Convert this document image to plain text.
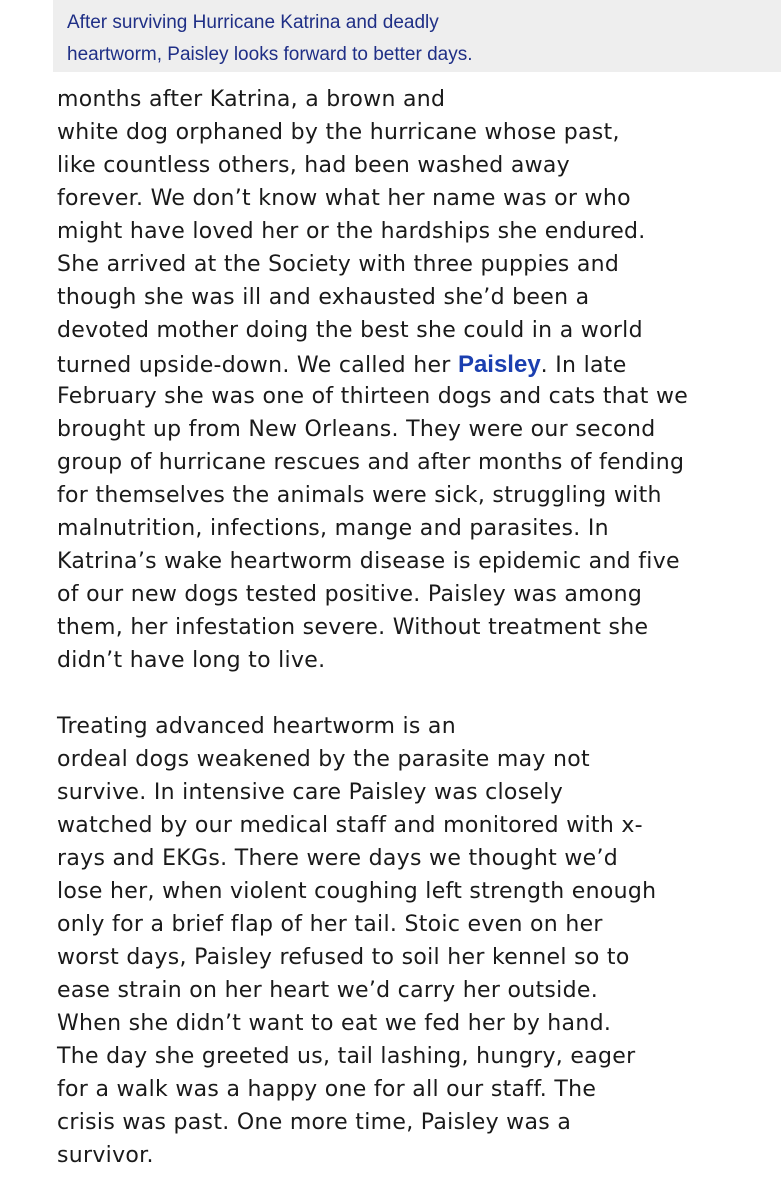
After surviving Hurricane Katrina and deadly

heartworm, Paisley looks forward to better days.

months after Katrina, a brown and

white dog orphaned by the hurricane whose past,

like countless others, had been washed away

forever. We don’t know what her name was or who

might have loved her or the hardships she endured.

She arrived at the Society with three puppies and

though she was ill and exhausted she’d been a

devoted mother doing the best she could in a world

turned upside-down. We called her Paisley. In late

February she was one of thirteen dogs and cats that we

brought up from New Orleans. They were our second

group of hurricane rescues and after months of fending

for themselves the animals were sick, struggling with

malnutrition, infections, mange and parasites. In

Katrina’s wake heartworm disease is epidemic and five

of our new dogs tested positive. Paisley was among

them, her infestation severe. Without treatment she

didn’t have long to live.

Treating advanced heartworm is an

ordeal dogs weakened by the parasite may not

survive. In intensive care Paisley was closely

watched by our medical staff and monitored with x-

rays and EKGs. There were days we thought we’d

lose her, when violent coughing left strength enough

only for a brief flap of her tail. Stoic even on her

worst days, Paisley refused to soil her kennel so to

ease strain on her heart we’d carry her outside.

When she didn’t want to eat we fed her by hand.

The day she greeted us, tail lashing, hungry, eager

for a walk was a happy one for all our staff. The

crisis was past. One more time, Paisley was a

survivor.
